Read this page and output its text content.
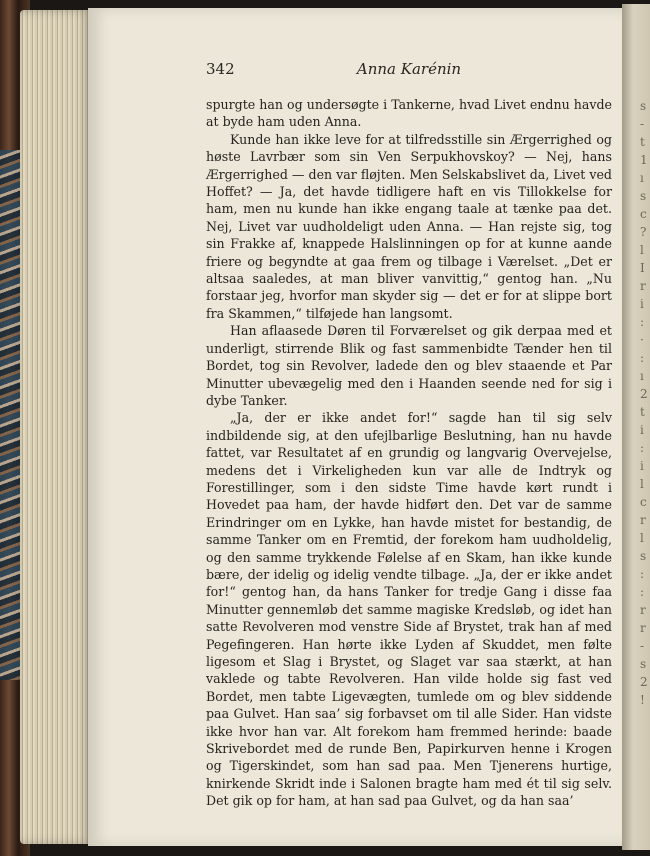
342	Anna Karénin

spurgte han og undersøgte i Tankerne, hvad Livet endnu havde at byde ham uden Anna.

Kunde han ikke leve for at tilfredsstille sin Ærgerrighed og høste Lavrbær som sin Ven Serpukhovskoy? — Nej, hans Ærgerrighed — den var fløjten. Men Selskabslivet da, Livet ved Hoffet? — Ja, det havde tidligere haft en vis Tillokkelse for ham, men nu kunde han ikke engang taale at tænke paa det. Nej, Livet var uudholdeligt uden Anna. — Han rejste sig, tog sin Frakke af, knappede Halslinningen op for at kunne aande friere og begyndte at gaa frem og tilbage i Værelset. „Det er altsaa saaledes, at man bliver vanvittig,“ gentog han. „Nu forstaar jeg, hvorfor man skyder sig — det er for at slippe bort fra Skammen,“ tilføjede han langsomt.

Han aflaasede Døren til Forværelset og gik derpaa med et underligt, stirrende Blik og fast sammenbidte Tænder hen til Bordet, tog sin Revolver, ladede den og blev staaende et Par Minutter ubevægelig med den i Haanden seende ned for sig i dybe Tanker.

„Ja, der er ikke andet for!“ sagde han til sig selv indbildende sig, at den ufejlbarlige Beslutning, han nu havde fattet, var Resultatet af en grundig og langvarig Overvejelse, medens det i Virkeligheden kun var alle de Indtryk og Forestillinger, som i den sidste Time havde kørt rundt i Hovedet paa ham, der havde hidført den. Det var de samme Erindringer om en Lykke, han havde mistet for bestandig, de samme Tanker om en Fremtid, der forekom ham uudholdelig, og den samme trykkende Følelse af en Skam, han ikke kunde bære, der idelig og idelig vendte tilbage. „Ja, der er ikke andet for!“ gentog han, da hans Tanker for tredje Gang i disse faa Minutter gennemløb det samme magiske Kredsløb, og idet han satte Revolveren mod venstre Side af Brystet, trak han af med Pegefingeren. Han hørte ikke Lyden af Skuddet, men følte ligesom et Slag i Brystet, og Slaget var saa stærkt, at han vaklede og tabte Revolveren. Han vilde holde sig fast ved Bordet, men tabte Ligevægten, tumlede om og blev siddende paa Gulvet. Han saa’ sig forbavset om til alle Sider. Han vidste ikke hvor han var. Alt forekom ham fremmed herinde: baade Skrivebordet med de runde Ben, Papirkurven henne i Krogen og Tigerskindet, som han sad paa. Men Tjenerens hurtige, knirkende Skridt inde i Salonen bragte ham med ét til sig selv. Det gik op for ham, at han sad paa Gulvet, og da han saa’

s
-
t
1
ı
s
c
?
l
I
r
i
:
·
:
ı
2
t
i
:
i
l
c
r
l
s
:
:
r
r
-
s
2
!
